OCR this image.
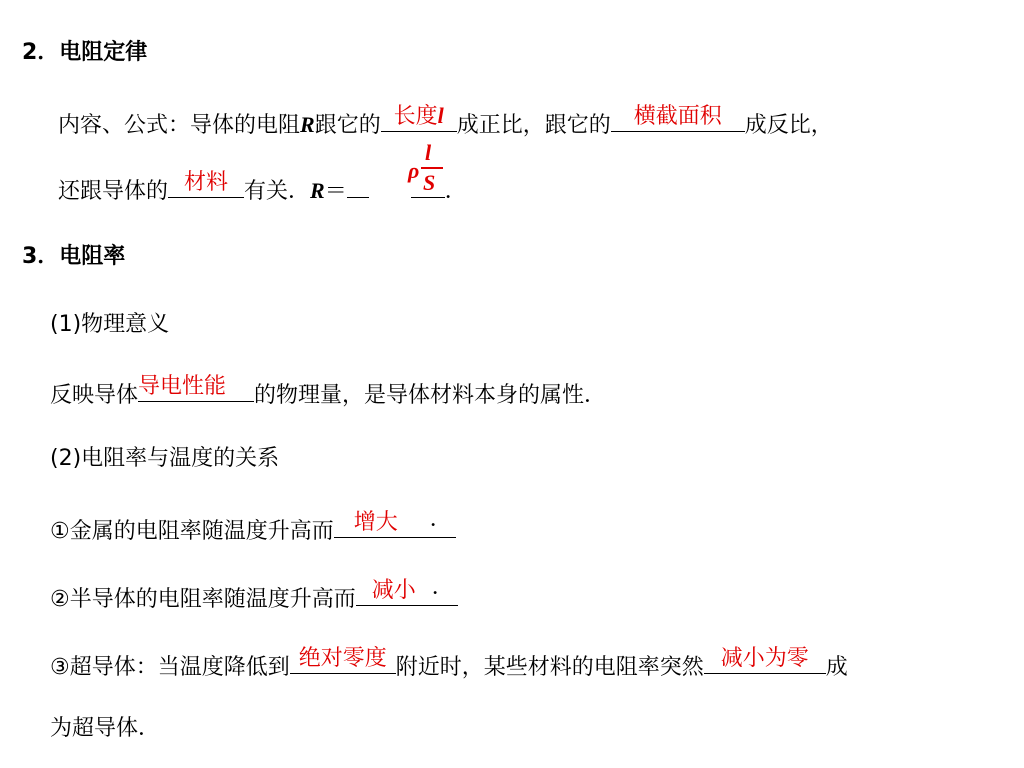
2．电阻定律
内容、公式：导体的电阻R跟它的 长度l 成正比，跟它的	横截面积	成反比，
还跟导体的 材料 有关．R＝	．
ρ
l
S
3．电阻率
(1)物理意义
反映导体 导电性能	的物理量，是导体材料本身的属性．
(2)电阻率与温度的关系
①金属的电阻率随温度升高而 增大	．
②半导体的电阻率随温度升高而 减小 ．
③超导体：当温度降低到 绝对零度 附近时，某些材料的电阻率突然 减小为零 成
为超导体．
